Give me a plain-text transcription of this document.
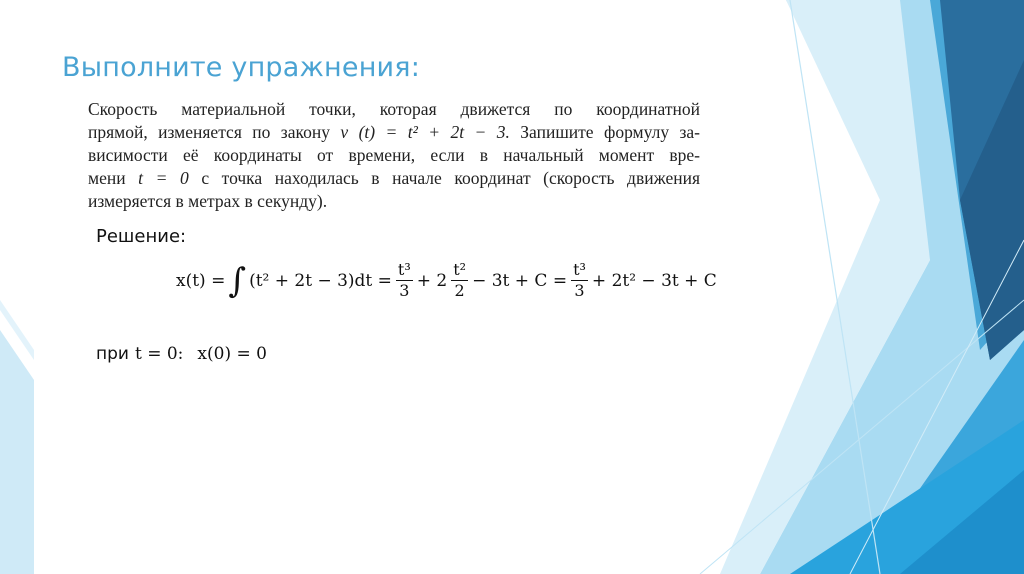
Выполните упражнения:
Скорость материальной точки, которая движется по координатной
прямой, изменяется по закону v (t) = t² + 2t − 3. Запишите формулу за-
висимости её координаты от времени, если в начальный момент вре-
мени t = 0 с точка находилась в начале координат (скорость движения
измеряется в метрах в секунду).
Решение:
x(t) = ∫ $(t^2 + 2t - 3)dt = \frac{\text{t³}}{3} + 2 \frac{\text{t²}}{2} - 3t + C = \frac{\text{t³}}{3} + 2t^2 - 3t + C$
при t = 0: x(0) = 0
